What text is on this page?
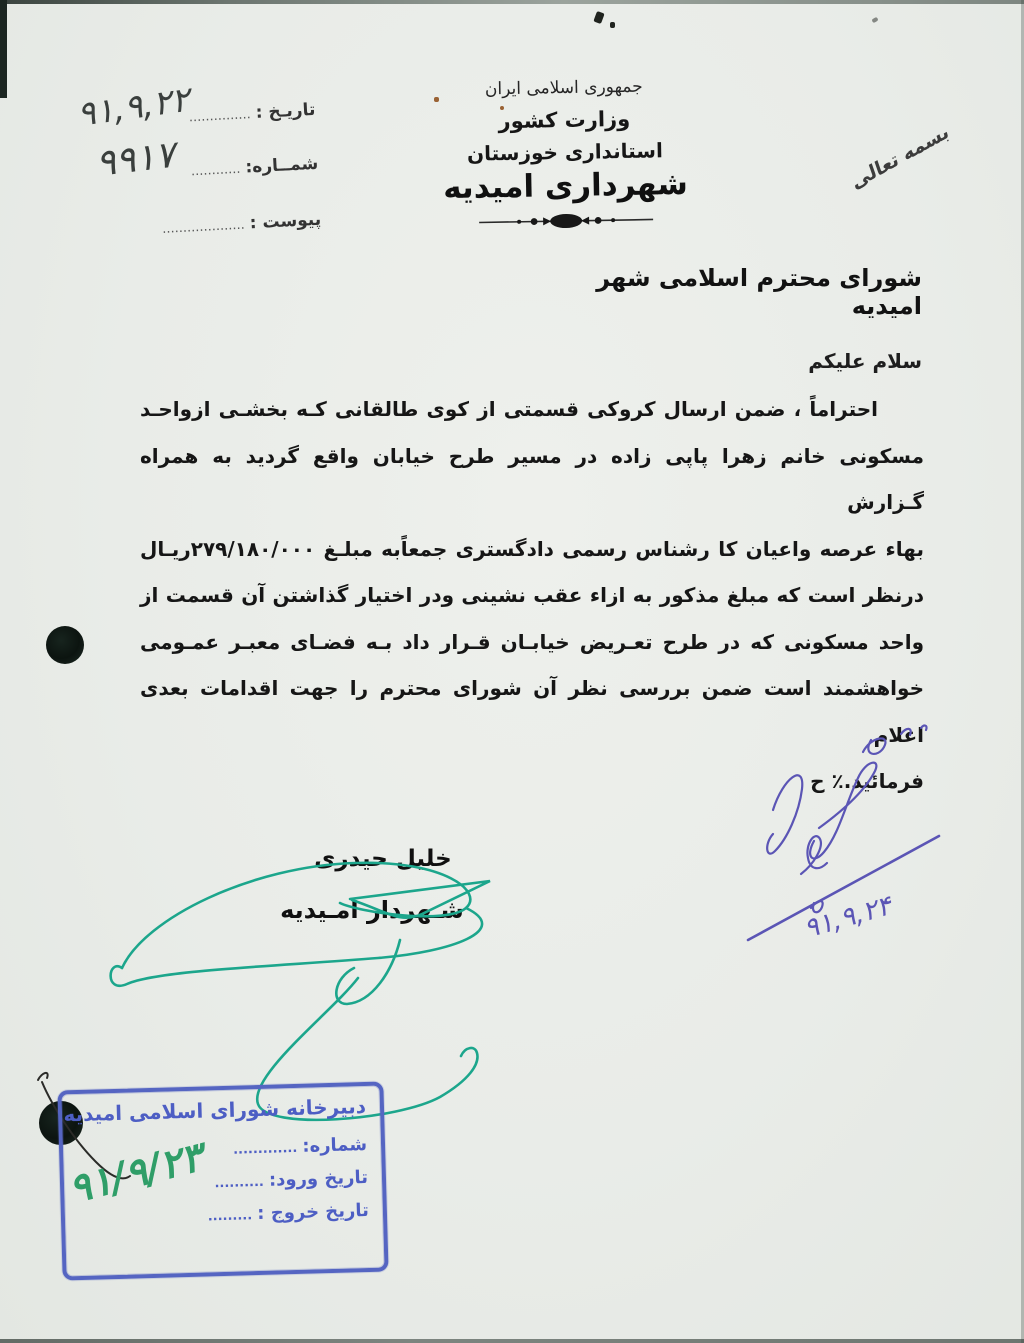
تاریـخ : ...............
۹۱,۹,۲۲
شمــاره: ............
۹۹۱۷
پیوست : ....................
جمهوری اسلامی ایران
وزارت کشور
استانداری خوزستان
شهرداری امیدیه	بسمه تعالی
شورای محترم اسلامی شهر امیدیه
سلام علیکم
احتراماً ، ضمن ارسال کروکی قسمتی از کوی طالقانی کـه بخشـی ازواحـد
مسکونی خانم زهرا پاپی زاده در مسیر طرح خیابان واقع گردید به همراه گـزارش
بهاء عرصه واعیان کا رشناس رسمی دادگستری جمعاًبه مبلـغ ۲۷۹/۱۸۰/۰۰۰ریـال
درنظر است که مبلغ مذکور به ازاء عقب نشینی ودر اختیار گذاشتن آن قسمت از
واحد مسکونی که در طرح تعـریض خیابـان قـرار داد بـه فضـای معبـر عمـومی
خواهشمند است ضمن بررسی نظر آن شورای محترم را جهت اقدامات بعدی اعلام
فرمائید.٪ ح
۹۱,۹,۲۴
خلیل حیدری
شـهردار امـیدیه
دبیرخانه شورای اسلامی امیدیه
شماره: .............
تاریخ ورود: ..........
تاریخ خروج : .........
۹۱/۹/۲۳
